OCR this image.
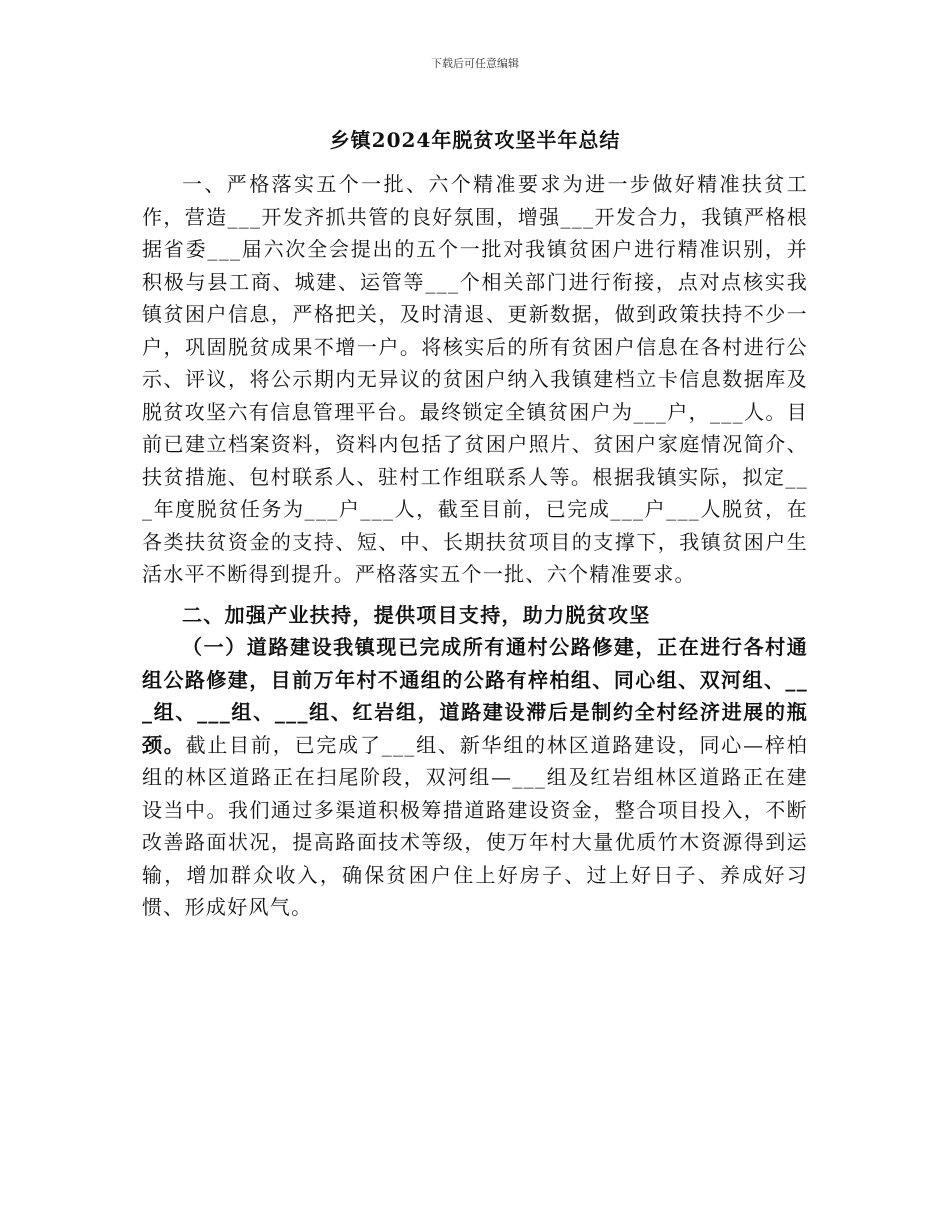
下载后可任意编辑
乡镇2024年脱贫攻坚半年总结

一、严格落实五个一批、六个精准要求为进一步做好精准扶贫工作，营造___开发齐抓共管的良好氛围，增强___开发合力，我镇严格根据省委___届六次全会提出的五个一批对我镇贫困户进行精准识别，并积极与县工商、城建、运管等___个相关部门进行衔接，点对点核实我镇贫困户信息，严格把关，及时清退、更新数据，做到政策扶持不少一户，巩固脱贫成果不增一户。将核实后的所有贫困户信息在各村进行公示、评议，将公示期内无异议的贫困户纳入我镇建档立卡信息数据库及脱贫攻坚六有信息管理平台。最终锁定全镇贫困户为___户，___人。目前已建立档案资料，资料内包括了贫困户照片、贫困户家庭情况简介、扶贫措施、包村联系人、驻村工作组联系人等。根据我镇实际，拟定___年度脱贫任务为___户___人，截至目前，已完成___户___人脱贫，在各类扶贫资金的支持、短、中、长期扶贫项目的支撑下，我镇贫困户生活水平不断得到提升。严格落实五个一批、六个精准要求。

二、加强产业扶持，提供项目支持，助力脱贫攻坚

（一）道路建设我镇现已完成所有通村公路修建，正在进行各村通组公路修建，目前万年村不通组的公路有梓柏组、同心组、双河组、___组、___组、___组、红岩组，道路建设滞后是制约全村经济进展的瓶颈。截止目前，已完成了___组、新华组的林区道路建设，同心—梓柏组的林区道路正在扫尾阶段，双河组—___组及红岩组林区道路正在建设当中。我们通过多渠道积极筹措道路建设资金，整合项目投入，不断改善路面状况，提高路面技术等级，使万年村大量优质竹木资源得到运输，增加群众收入，确保贫困户住上好房子、过上好日子、养成好习惯、形成好风气。
